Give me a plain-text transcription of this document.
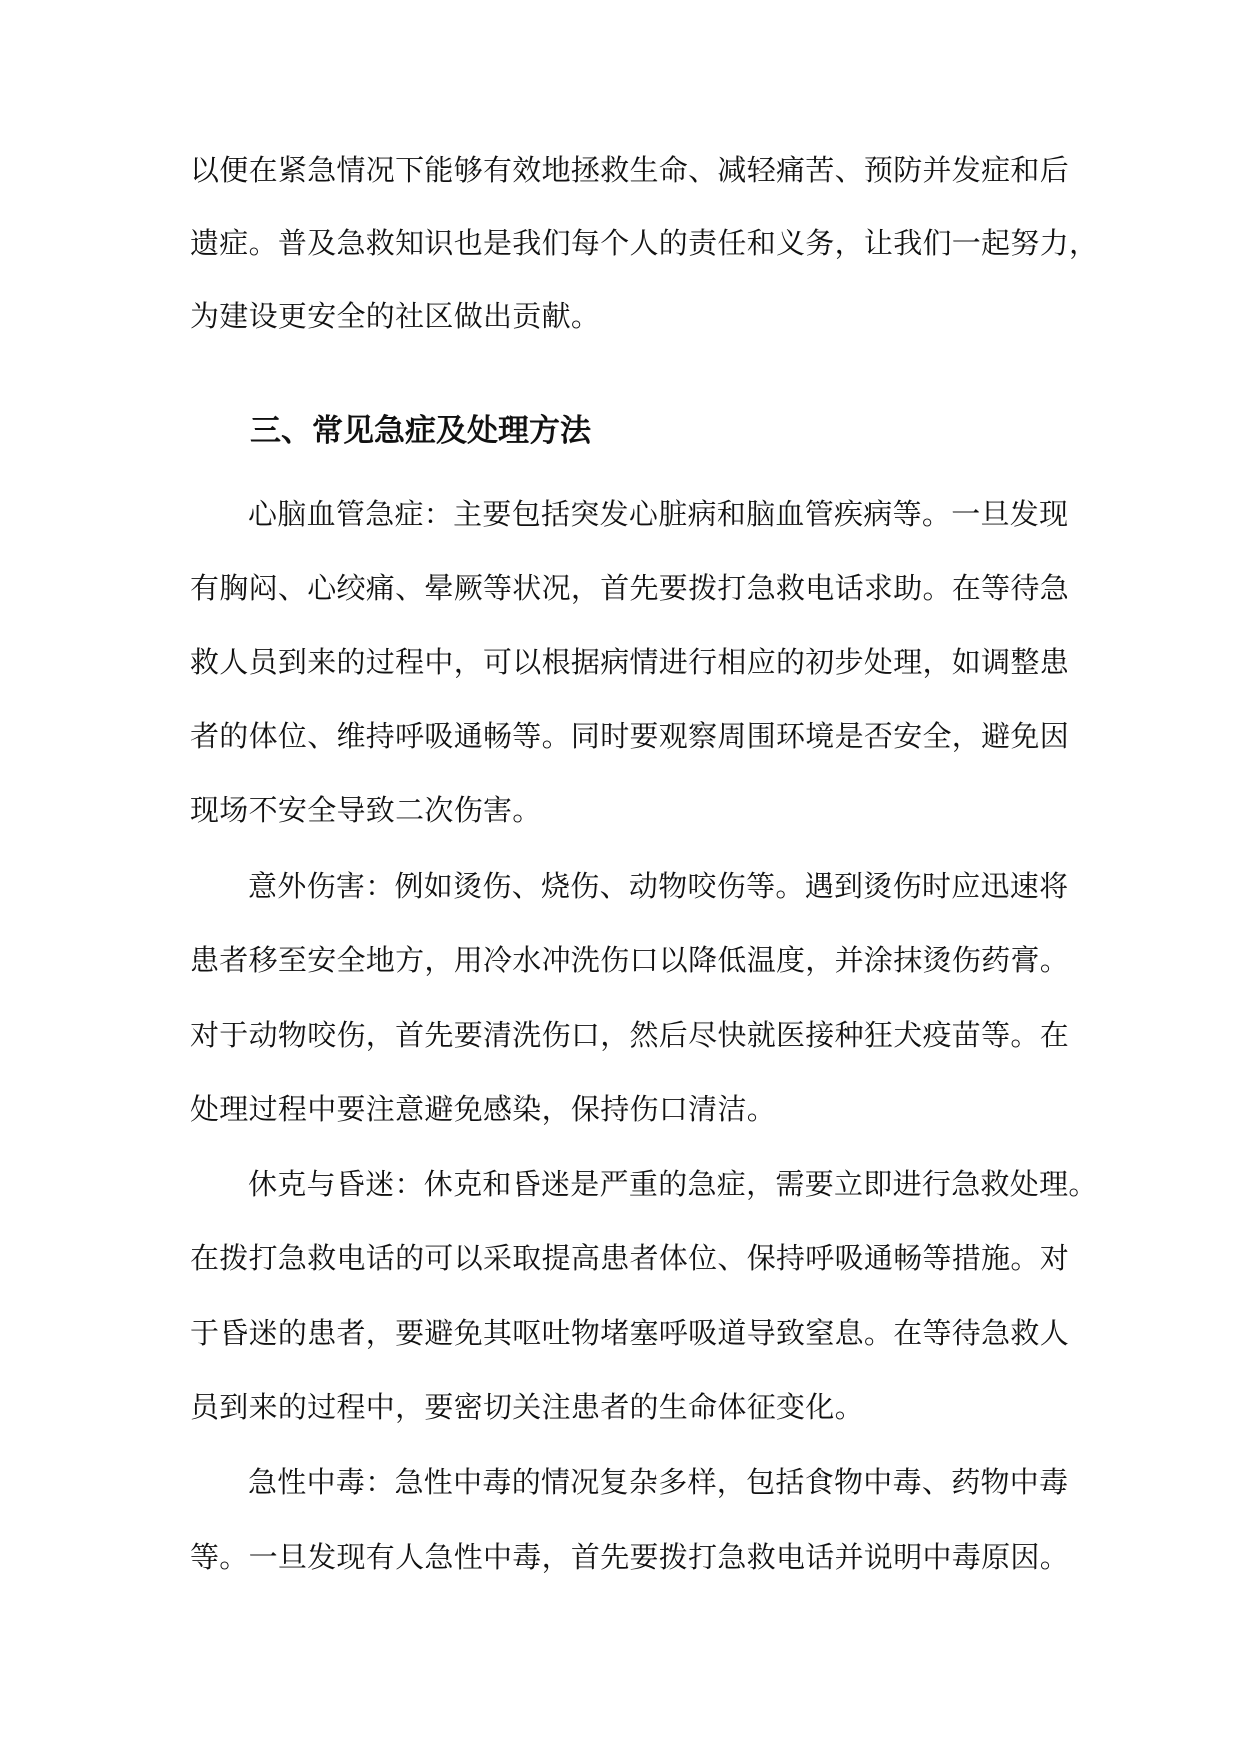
以便在紧急情况下能够有效地拯救生命、减轻痛苦、预防并发症和后

遗症。普及急救知识也是我们每个人的责任和义务，让我们一起努力，

为建设更安全的社区做出贡献。

三、常见急症及处理方法

心脑血管急症：主要包括突发心脏病和脑血管疾病等。一旦发现

有胸闷、心绞痛、晕厥等状况，首先要拨打急救电话求助。在等待急

救人员到来的过程中，可以根据病情进行相应的初步处理，如调整患

者的体位、维持呼吸通畅等。同时要观察周围环境是否安全，避免因

现场不安全导致二次伤害。

意外伤害：例如烫伤、烧伤、动物咬伤等。遇到烫伤时应迅速将

患者移至安全地方，用冷水冲洗伤口以降低温度，并涂抹烫伤药膏。

对于动物咬伤，首先要清洗伤口，然后尽快就医接种狂犬疫苗等。在

处理过程中要注意避免感染，保持伤口清洁。

休克与昏迷：休克和昏迷是严重的急症，需要立即进行急救处理。

在拨打急救电话的可以采取提高患者体位、保持呼吸通畅等措施。对

于昏迷的患者，要避免其呕吐物堵塞呼吸道导致窒息。在等待急救人

员到来的过程中，要密切关注患者的生命体征变化。

急性中毒：急性中毒的情况复杂多样，包括食物中毒、药物中毒

等。一旦发现有人急性中毒，首先要拨打急救电话并说明中毒原因。
